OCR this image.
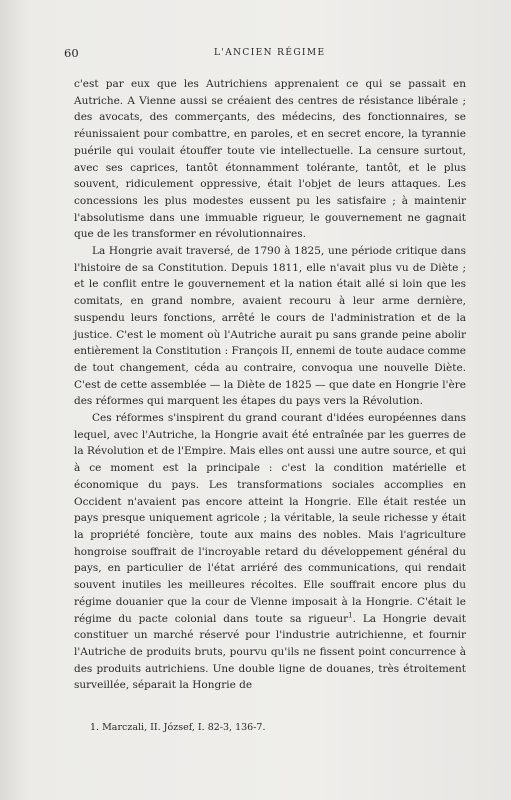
60	L'ANCIEN RÉGIME

c'est par eux que les Autrichiens apprenaient ce qui se passait en Autriche. A Vienne aussi se créaient des centres de résistance libérale ; des avocats, des commerçants, des médecins, des fonctionnaires, se réunissaient pour combattre, en paroles, et en secret encore, la tyrannie puérile qui voulait étouffer toute vie intellectuelle. La censure surtout, avec ses caprices, tantôt étonnamment tolérante, tantôt, et le plus souvent, ridiculement oppressive, était l'objet de leurs attaques. Les concessions les plus modestes eussent pu les satisfaire ; à maintenir l'absolutisme dans une immuable rigueur, le gouvernement ne gagnait que de les transformer en révolutionnaires.

La Hongrie avait traversé, de 1790 à 1825, une période critique dans l'histoire de sa Constitution. Depuis 1811, elle n'avait plus vu de Diète ; et le conflit entre le gouvernement et la nation était allé si loin que les comitats, en grand nombre, avaient recouru à leur arme dernière, suspendu leurs fonctions, arrêté le cours de l'administration et de la justice. C'est le moment où l'Autriche aurait pu sans grande peine abolir entièrement la Constitution : François II, ennemi de toute audace comme de tout changement, céda au contraire, convoqua une nouvelle Diète. C'est de cette assemblée — la Diète de 1825 — que date en Hongrie l'ère des réformes qui marquent les étapes du pays vers la Révolution.

Ces réformes s'inspirent du grand courant d'idées européennes dans lequel, avec l'Autriche, la Hongrie avait été entraînée par les guerres de la Révolution et de l'Empire. Mais elles ont aussi une autre source, et qui à ce moment est la principale : c'est la condition matérielle et économique du pays. Les transformations sociales accomplies en Occident n'avaient pas encore atteint la Hongrie. Elle était restée un pays presque uniquement agricole ; la véritable, la seule richesse y était la propriété foncière, toute aux mains des nobles. Mais l'agriculture hongroise souffrait de l'incroyable retard du développement général du pays, en particulier de l'état arriéré des communications, qui rendait souvent inutiles les meilleures récoltes. Elle souffrait encore plus du régime douanier que la cour de Vienne imposait à la Hongrie. C'était le régime du pacte colonial dans toute sa rigueur$^1$. La Hongrie devait constituer un marché réservé pour l'industrie autrichienne, et fournir l'Autriche de produits bruts, pourvu qu'ils ne fissent point concurrence à des produits autrichiens. Une double ligne de douanes, très étroitement surveillée, séparait la Hongrie de

1. Marczali, II. József, I. 82-3, 136-7.
